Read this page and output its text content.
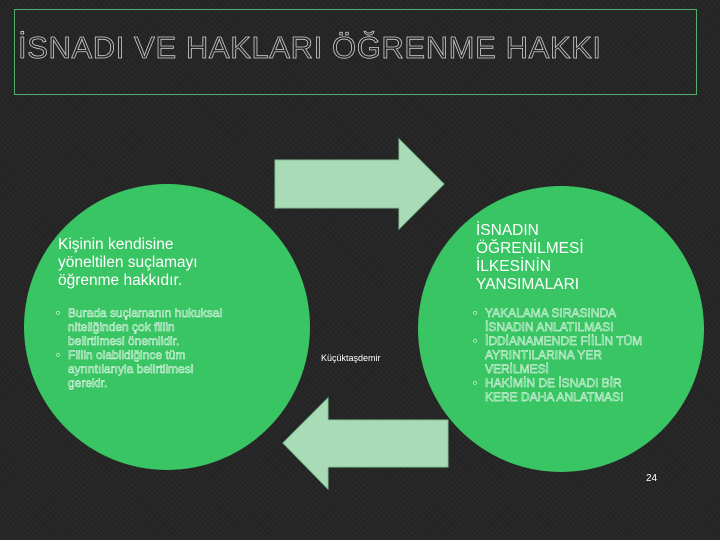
İSNADI VE HAKLARI ÖĞRENME HAKKI
Kişinin kendisine
yöneltilen suçlamayı
öğrenme hakkıdır.
• Burada suçlamanın hukuksal
niteliğinden çok fiilin
belirtilmesi önemlidir.
• Fiilin olabildiğince tüm
ayrıntılarıyla belirtilmesi
gerekir.
İSNADIN
ÖĞRENİLMESİ
İLKESİNİN
YANSIMALARI
• YAKALAMA SIRASINDA
İSNADIN ANLATILMASI
• İDDİANAMENDE FİİLİN TÜM
AYRINTILARINA YER
VERİLMESİ
• HAKİMİN DE İSNADI BİR
KERE DAHA ANLATMASI
Küçüktaşdemir
24
